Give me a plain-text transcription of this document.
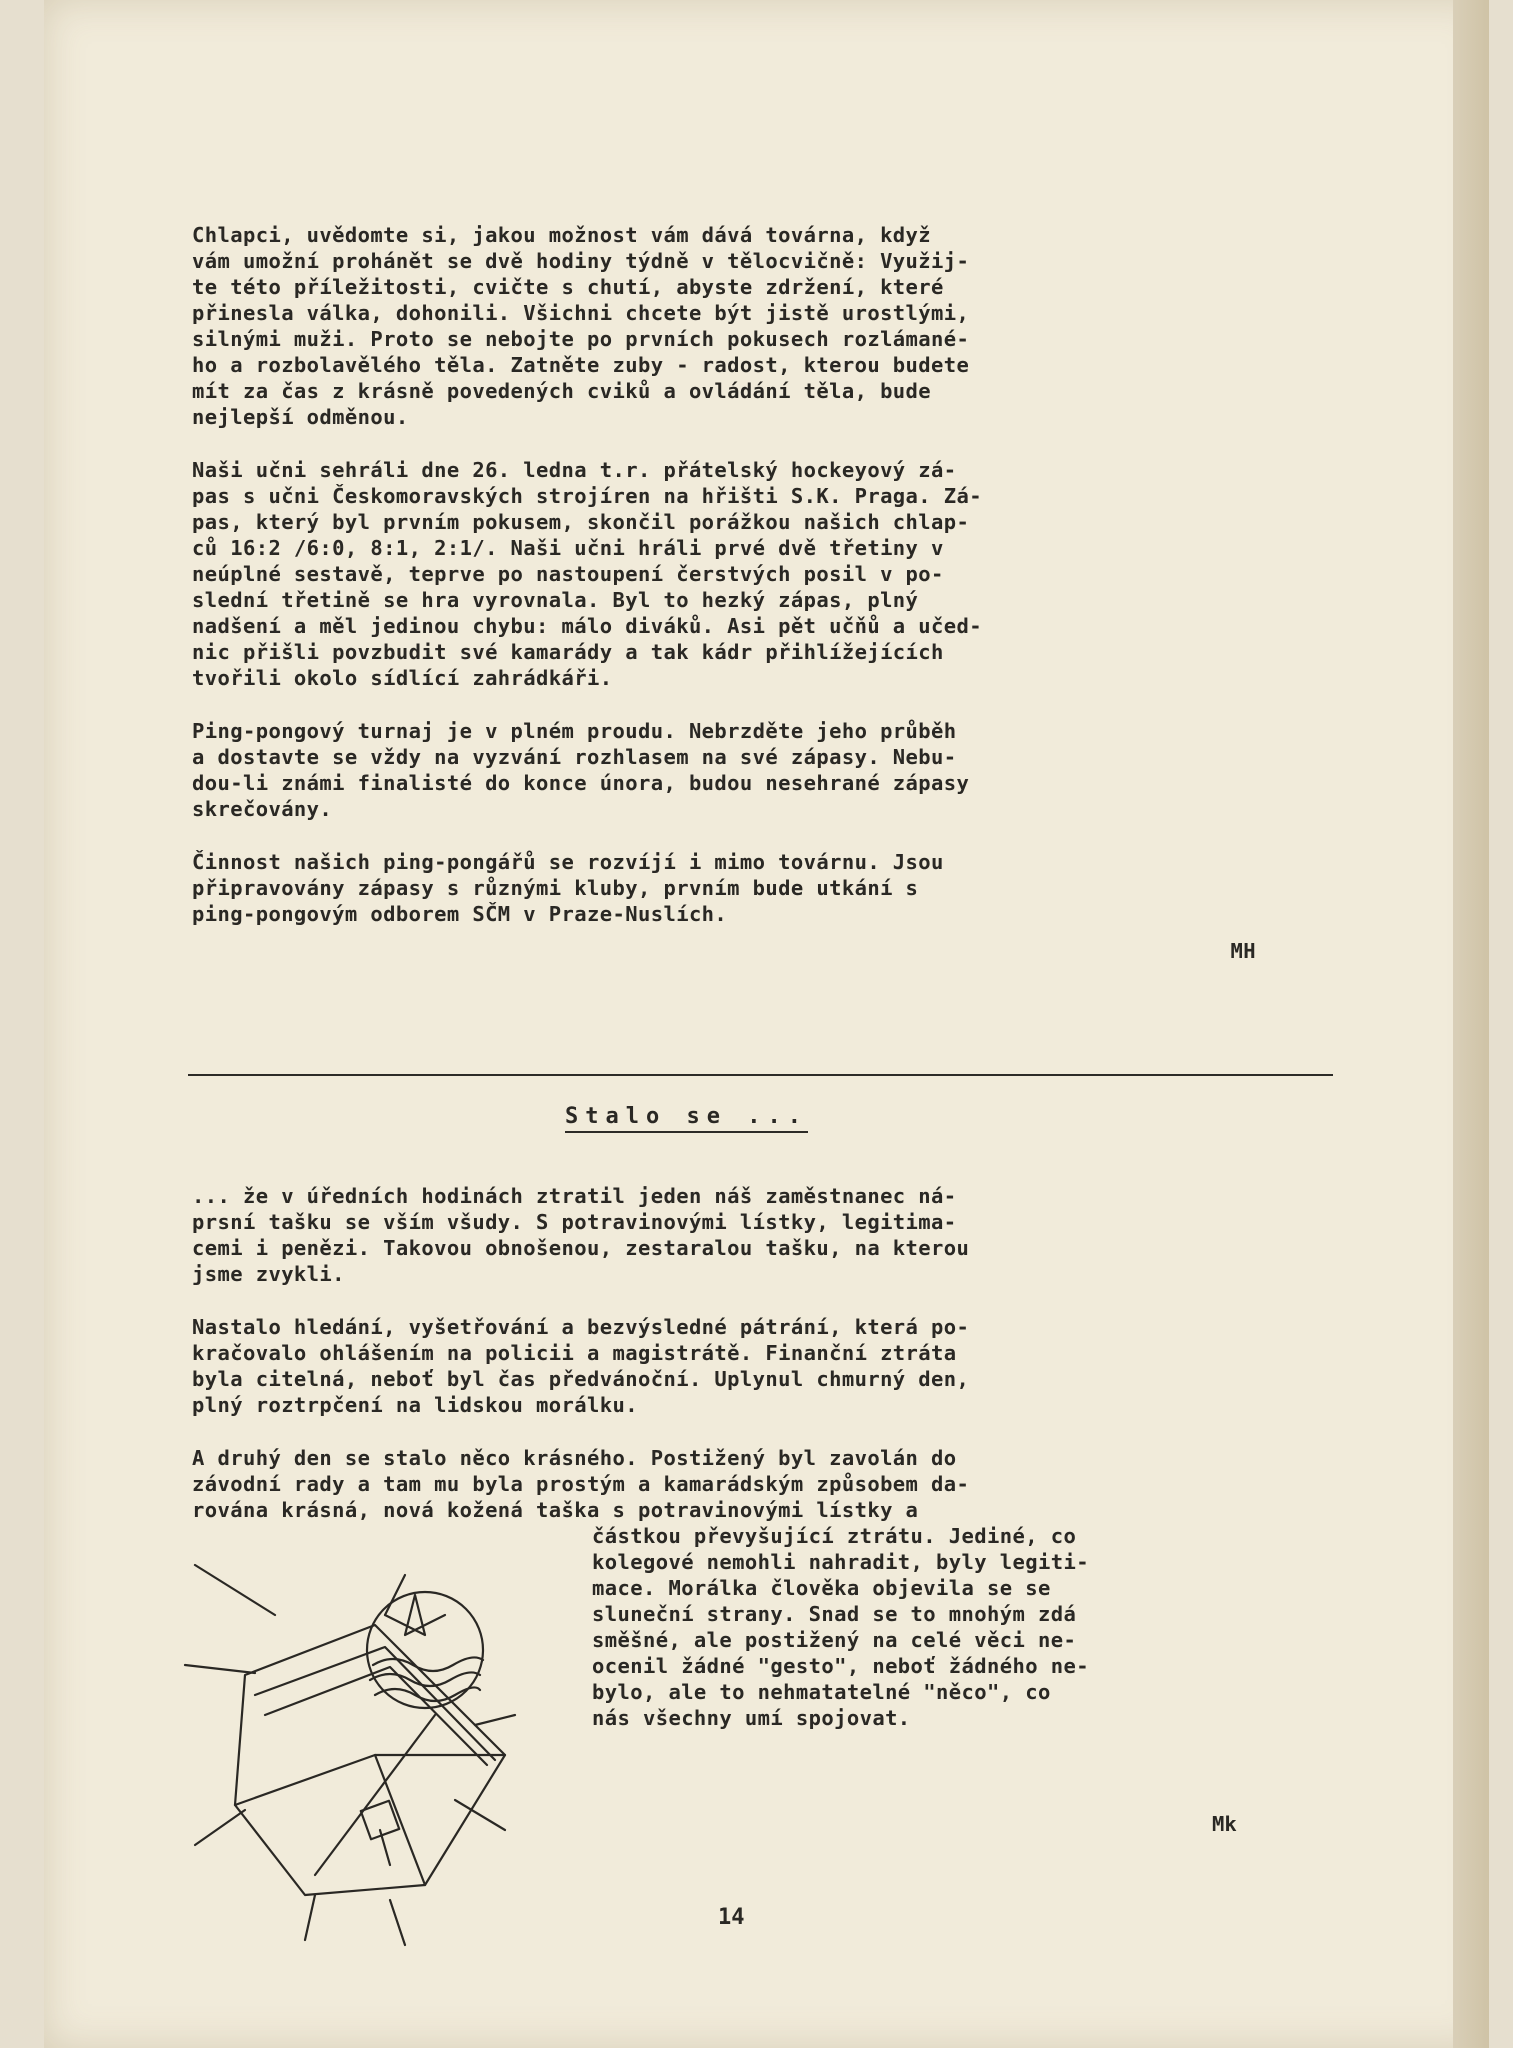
Chlapci, uvědomte si, jakou možnost vám dává továrna, když
vám umožní prohánět se dvě hodiny týdně v tělocvičně: Využij-
te této příležitosti, cvičte s chutí, abyste zdržení, které
přinesla válka, dohonili. Všichni chcete být jistě urostlými,
silnými muži. Proto se nebojte po prvních pokusech rozlámané-
ho a rozbolavělého těla. Zatněte zuby - radost, kterou budete
mít za čas z krásně povedených cviků a ovládání těla, bude
nejlepší odměnou.

Naši učni sehráli dne 26. ledna t.r. přátelský hockeyový zá-
pas s učni Českomoravských strojíren na hřišti S.K. Praga. Zá-
pas, který byl prvním pokusem, skončil porážkou našich chlap-
ců 16:2 /6:0, 8:1, 2:1/. Naši učni hráli prvé dvě třetiny v
neúplné sestavě, teprve po nastoupení čerstvých posil v po-
slední třetině se hra vyrovnala. Byl to hezký zápas, plný
nadšení a měl jedinou chybu: málo diváků. Asi pět učňů a učed-
nic přišli povzbudit své kamarády a tak kádr přihlížejících
tvořili okolo sídlící zahrádkáři.

Ping-pongový turnaj je v plném proudu. Nebrzděte jeho průběh
a dostavte se vždy na vyzvání rozhlasem na své zápasy. Nebu-
dou-li známi finalisté do konce února, budou nesehrané zápasy
skrečovány.

Činnost našich ping-pongářů se rozvíjí i mimo továrnu. Jsou
připravovány zápasy s různými kluby, prvním bude utkání s
ping-pongovým odborem SČM v Praze-Nuslích.

MH
Stalo se ...

... že v úředních hodinách ztratil jeden náš zaměstnanec ná-
prsní tašku se vším všudy. S potravinovými lístky, legitima-
cemi i penězi. Takovou obnošenou, zestaralou tašku, na kterou
jsme zvykli.

Nastalo hledání, vyšetřování a bezvýsledné pátrání, která po-
kračovalo ohlášením na policii a magistrátě. Finanční ztráta
byla citelná, neboť byl čas předvánoční. Uplynul chmurný den,
plný roztrpčení na lidskou morálku.

A druhý den se stalo něco krásného. Postižený byl zavolán do
závodní rady a tam mu byla prostým a kamarádským způsobem da-
rována krásná, nová kožená taška s potravinovými lístky a

částkou převyšující ztrátu. Jediné, co
kolegové nemohli nahradit, byly legiti-
mace. Morálka člověka objevila se se
sluneční strany. Snad se to mnohým zdá
směšné, ale postižený na celé věci ne-
ocenil žádné "gesto", neboť žádného ne-
bylo, ale to nehmatatelné "něco", co
nás všechny umí spojovat.

Mk
14
